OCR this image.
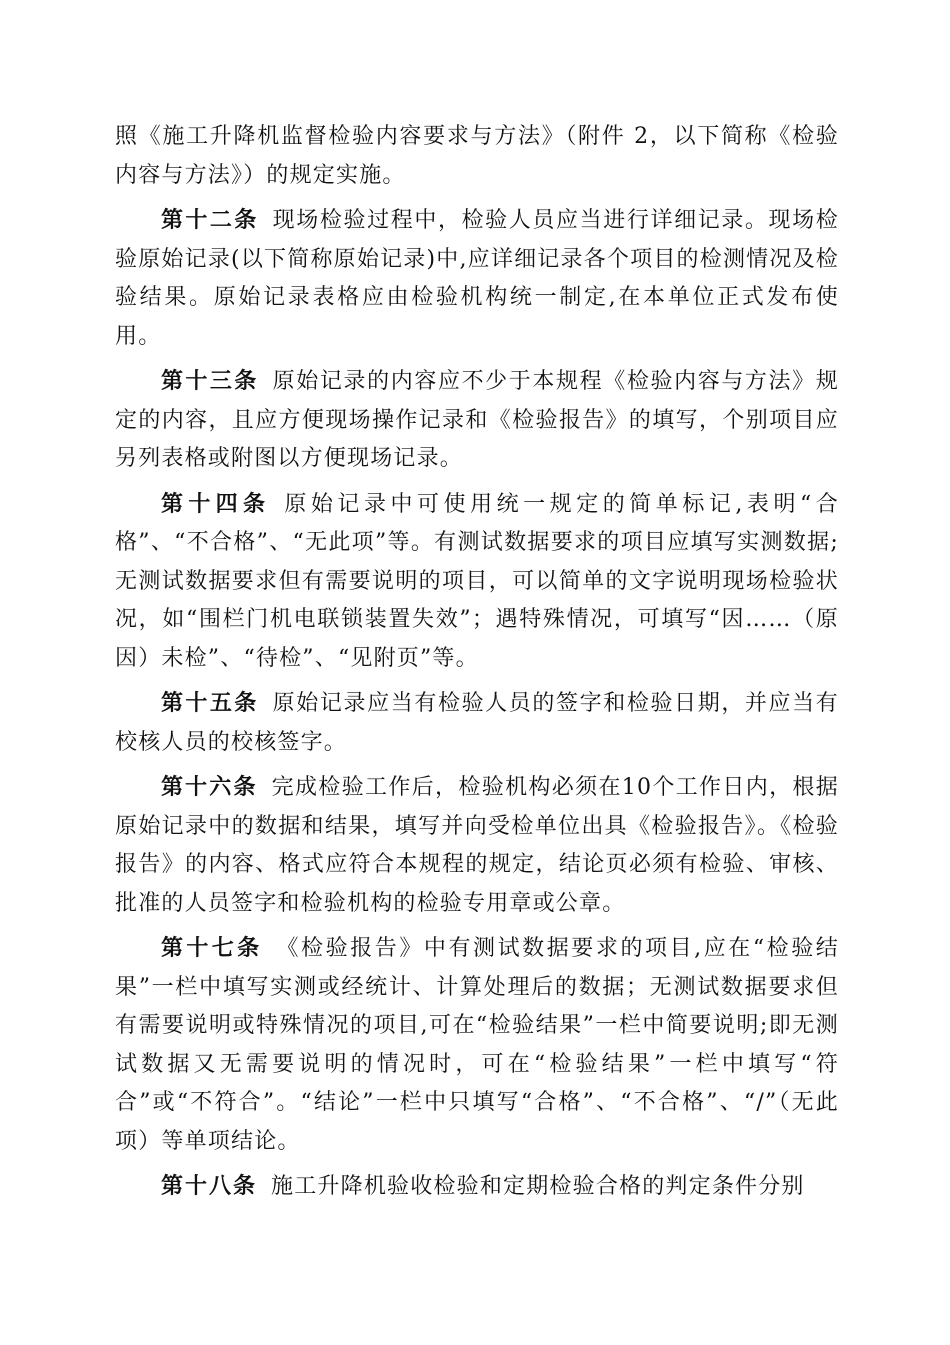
照《施工升降机监督检验内容要求与方法》（附件 2，以下简称《检验内容与方法》）的规定实施。

第十二条 现场检验过程中，检验人员应当进行详细记录。现场检验原始记录(以下简称原始记录)中,应详细记录各个项目的检测情况及检验结果。原始记录表格应由检验机构统一制定,在本单位正式发布使用。

第十三条 原始记录的内容应不少于本规程《检验内容与方法》规定的内容，且应方便现场操作记录和《检验报告》的填写，个别项目应另列表格或附图以方便现场记录。

第十四条 原始记录中可使用统一规定的简单标记,表明“合格”、“不合格”、“无此项”等。有测试数据要求的项目应填写实测数据;无测试数据要求但有需要说明的项目，可以简单的文字说明现场检验状况，如“围栏门机电联锁装置失效”；遇特殊情况，可填写“因……（原因）未检”、“待检”、“见附页”等。

第十五条 原始记录应当有检验人员的签字和检验日期，并应当有校核人员的校核签字。

第十六条 完成检验工作后，检验机构必须在10个工作日内，根据原始记录中的数据和结果，填写并向受检单位出具《检验报告》。《检验报告》的内容、格式应符合本规程的规定，结论页必须有检验、审核、批准的人员签字和检验机构的检验专用章或公章。

第十七条 《检验报告》中有测试数据要求的项目,应在“检验结果”一栏中填写实测或经统计、计算处理后的数据；无测试数据要求但有需要说明或特殊情况的项目,可在“检验结果”一栏中简要说明;即无测试数据又无需要说明的情况时，可在“检验结果”一栏中填写“符合”或“不符合”。“结论”一栏中只填写“合格”、“不合格”、“/”（无此项）等单项结论。

第十八条 施工升降机验收检验和定期检验合格的判定条件分别
